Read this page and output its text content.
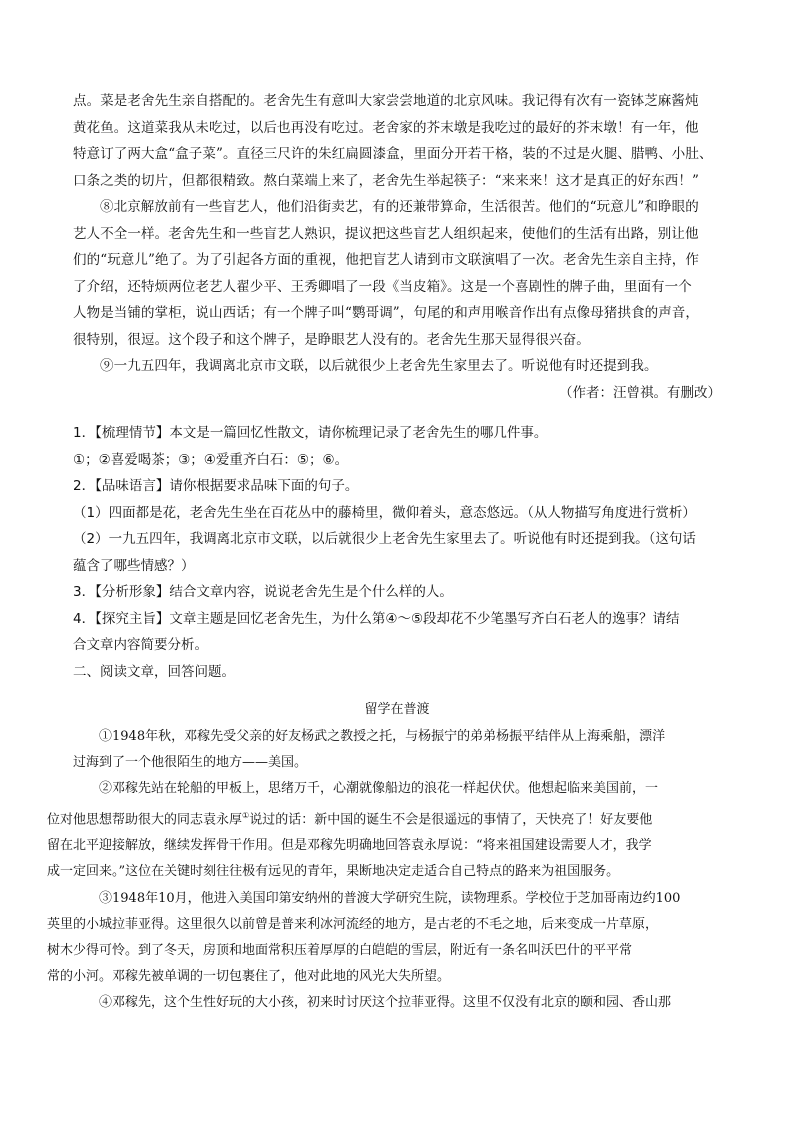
点。菜是老舍先生亲自搭配的。老舍先生有意叫大家尝尝地道的北京风味。我记得有次有一瓷钵芝麻酱炖
黄花鱼。这道菜我从未吃过，以后也再没有吃过。老舍家的芥末墩是我吃过的最好的芥末墩！有一年，他
特意订了两大盒“盒子菜”。直径三尺许的朱红扁圆漆盒，里面分开若干格，装的不过是火腿、腊鸭、小肚、
口条之类的切片，但都很精致。熬白菜端上来了，老舍先生举起筷子：“来来来！这才是真正的好东西！”

⑧北京解放前有一些盲艺人，他们沿街卖艺，有的还兼带算命，生活很苦。他们的“玩意儿”和睁眼的
艺人不全一样。老舍先生和一些盲艺人熟识，提议把这些盲艺人组织起来，使他们的生活有出路，别让他
们的“玩意儿”绝了。为了引起各方面的重视，他把盲艺人请到市文联演唱了一次。老舍先生亲自主持，作
了介绍，还特烦两位老艺人翟少平、王秀卿唱了一段《当皮箱》。这是一个喜剧性的牌子曲，里面有一个
人物是当铺的掌柜，说山西话；有一个牌子叫“鹦哥调”，句尾的和声用喉音作出有点像母猪拱食的声音，
很特别，很逗。这个段子和这个牌子，是睁眼艺人没有的。老舍先生那天显得很兴奋。

⑨一九五四年，我调离北京市文联，以后就很少上老舍先生家里去了。听说他有时还提到我。

（作者：汪曾祺。有删改）

1．【梳理情节】本文是一篇回忆性散文，请你梳理记录了老舍先生的哪几件事。

①；②喜爱喝茶；③；④爱重齐白石：⑤；⑥。

2．【品味语言】请你根据要求品味下面的句子。

（1）四面都是花，老舍先生坐在百花丛中的藤椅里，微仰着头，意态悠远。（从人物描写角度进行赏析）

（2）一九五四年，我调离北京市文联，以后就很少上老舍先生家里去了。听说他有时还提到我。（这句话

蕴含了哪些情感？）

3．【分析形象】结合文章内容，说说老舍先生是个什么样的人。

4．【探究主旨】文章主题是回忆老舍先生，为什么第④～⑤段却花不少笔墨写齐白石老人的逸事？请结

合文章内容简要分析。

二、阅读文章，回答问题。

留学在普渡

①1948年秋，邓稼先受父亲的好友杨武之教授之托，与杨振宁的弟弟杨振平结伴从上海乘船，漂洋
过海到了一个他很陌生的地方——美国。

②邓稼先站在轮船的甲板上，思绪万千，心潮就像船边的浪花一样起伏伏。他想起临来美国前，一
位对他思想帮助很大的同志袁永厚①说过的话：新中国的诞生不会是很遥远的事情了，天快亮了！好友要他
留在北平迎接解放，继续发挥骨干作用。但是邓稼先明确地回答袁永厚说：“将来祖国建设需要人才，我学
成一定回来。”这位在关键时刻往往极有远见的青年，果断地决定走适合自己特点的路来为祖国服务。

③1948年10月，他进入美国印第安纳州的普渡大学研究生院，读物理系。学校位于芝加哥南边约100
英里的小城拉菲亚得。这里很久以前曾是普来利冰河流经的地方，是古老的不毛之地，后来变成一片草原，
树木少得可怜。到了冬天，房顶和地面常积压着厚厚的白皑皑的雪层，附近有一条名叫沃巴什的平平常
常的小河。邓稼先被单调的一切包裹住了，他对此地的风光大失所望。

④邓稼先，这个生性好玩的大小孩，初来时讨厌这个拉菲亚得。这里不仅没有北京的颐和园、香山那
